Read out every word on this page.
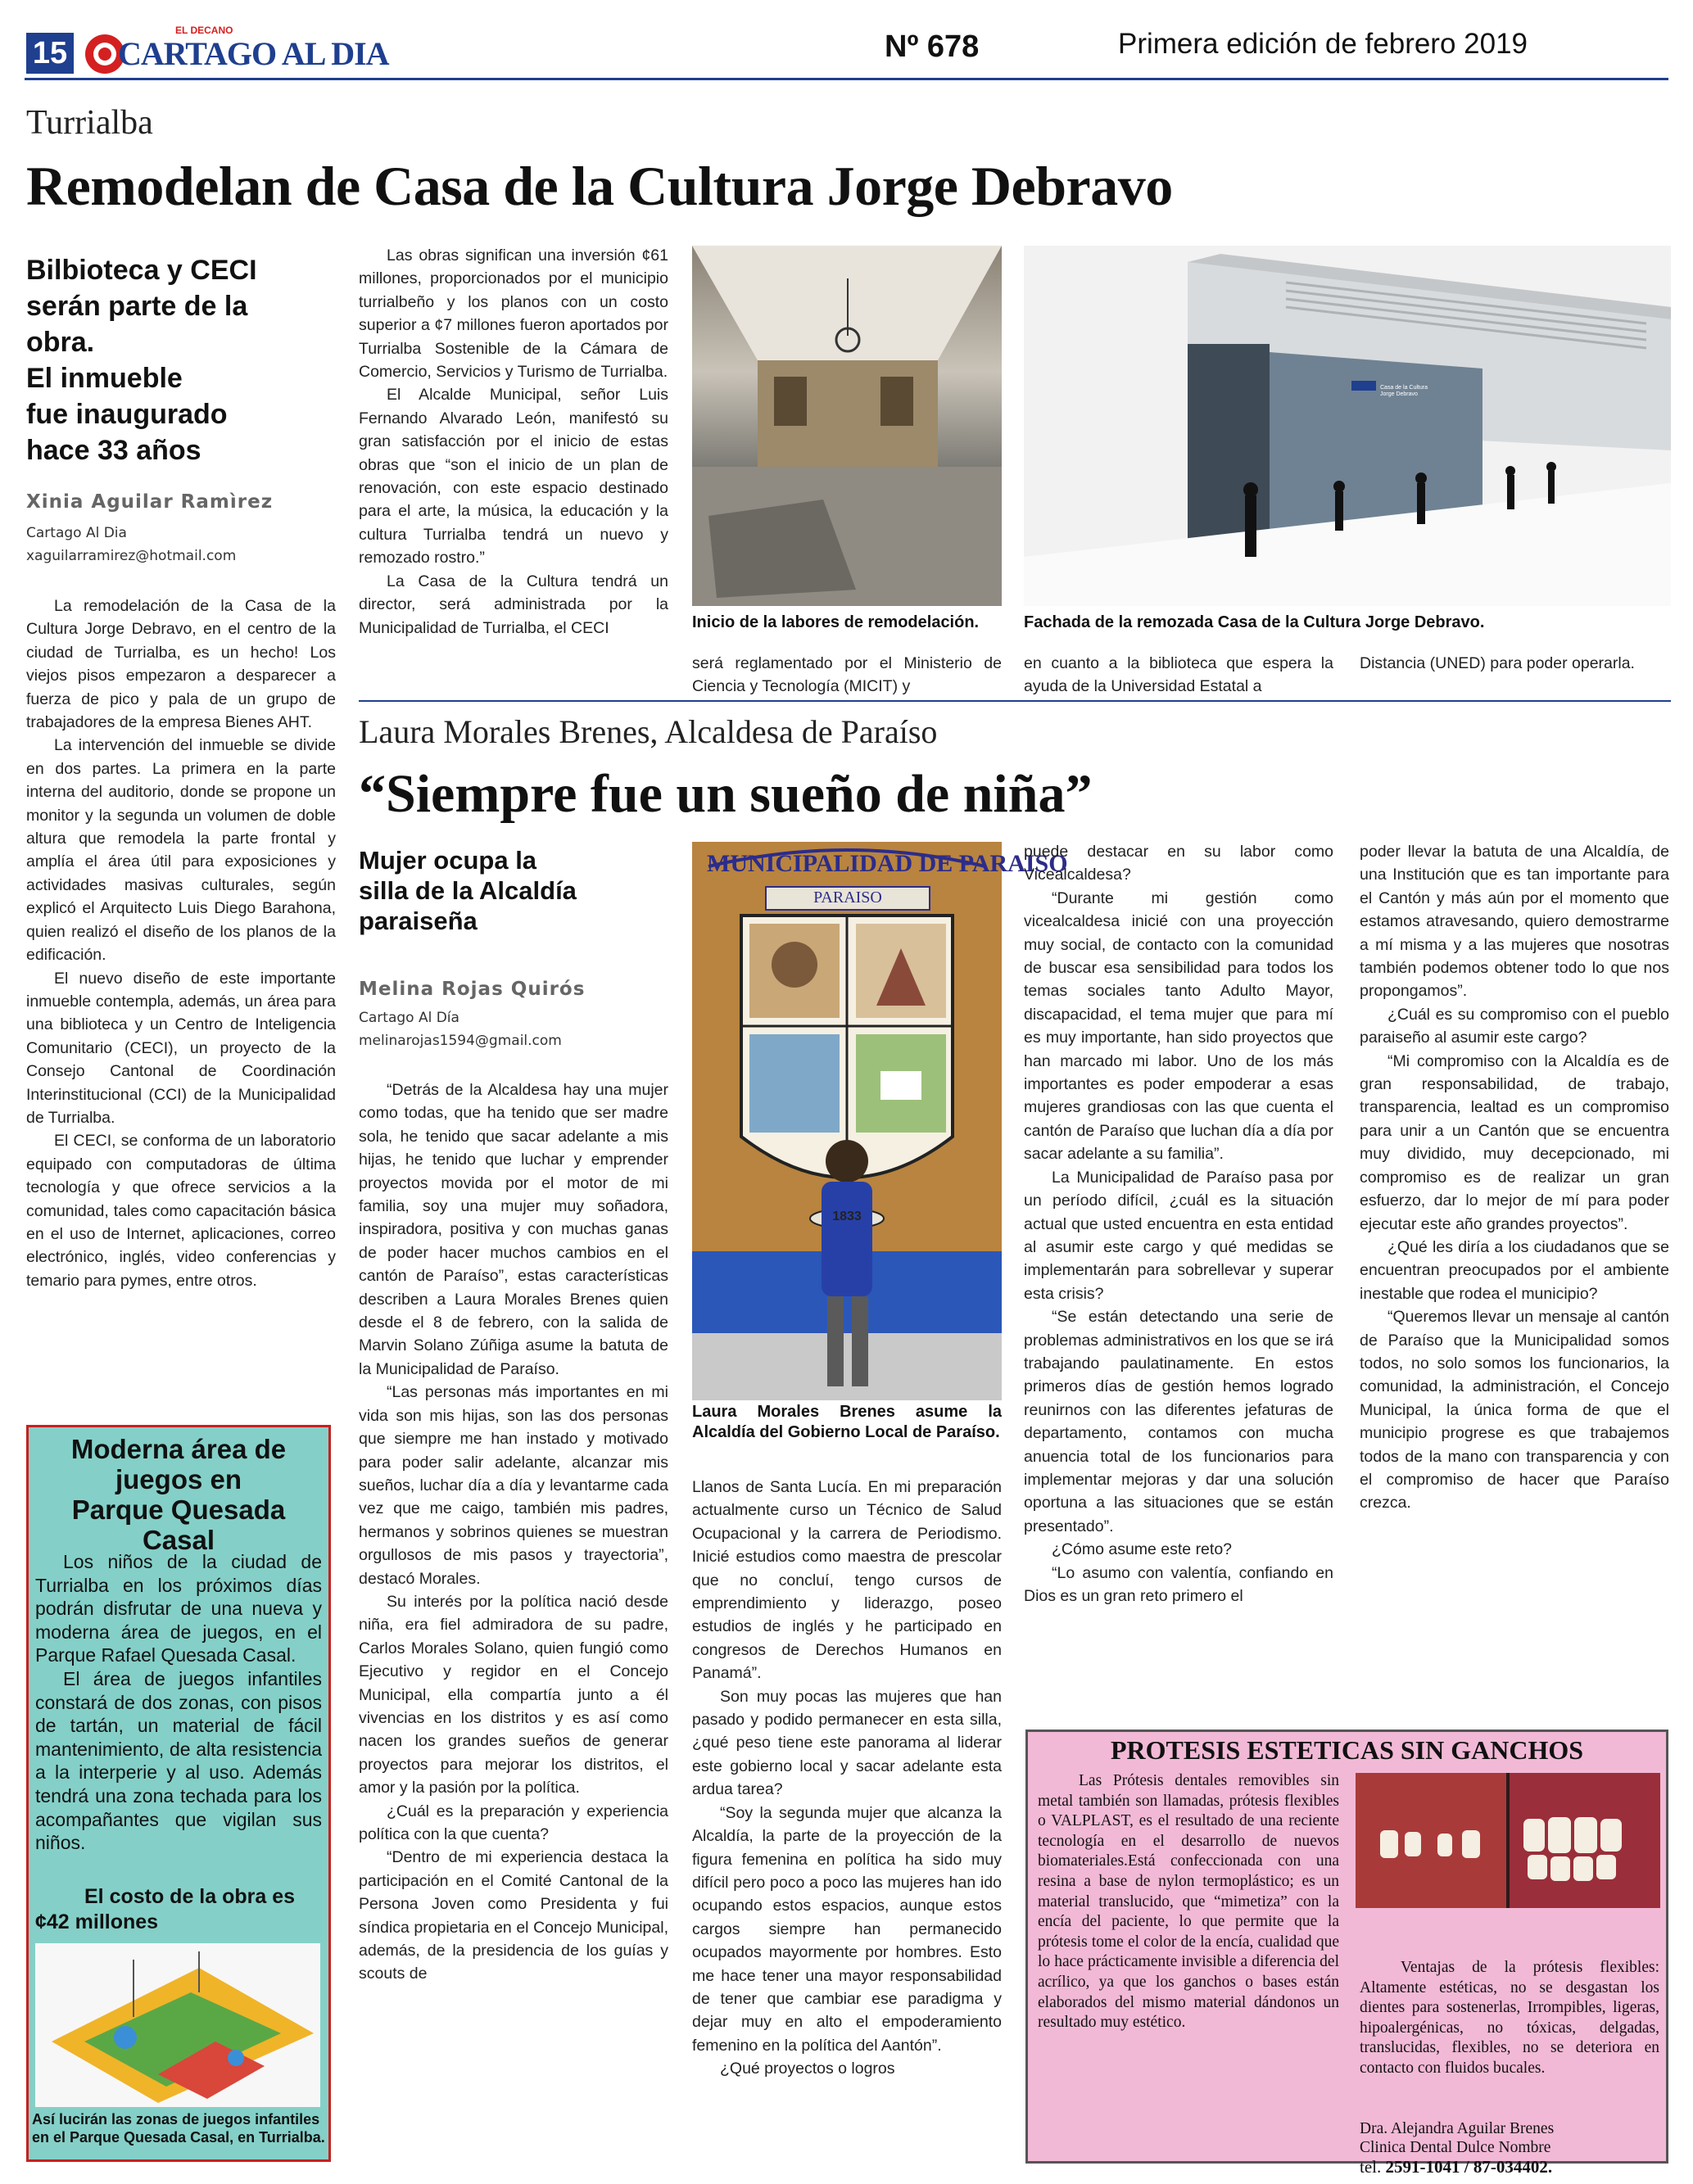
15
EL DECANO
CARTAGO AL DIA	Nº 678	Primera edición de febrero 2019
Turrialba
Remodelan de Casa de la Cultura Jorge Debravo
Bilbioteca y CECI
serán parte de la
obra.
El inmueble
fue inaugurado
hace 33 años
Xinia Aguilar Ramìrez
Cartago Al Dia
xaguilarramirez@hotmail.com

La remodelación de la Casa de la Cultura Jorge Debravo, en el centro de la ciudad de Turrialba, es un hecho! Los viejos pisos empezaron a desparecer a fuerza de pico y pala de un grupo de trabajadores de la empresa Bienes AHT.

La intervención del inmueble se divide en dos partes. La primera en la parte interna del auditorio, donde se propone un monitor y la segunda un volumen de doble altura que remodela la parte frontal y amplía el área útil para exposiciones y actividades masivas culturales, según explicó el Arquitecto Luis Diego Barahona, quien realizó el diseño de los planos de la edificación.

El nuevo diseño de este importante inmueble contempla, además, un área para una biblioteca y un Centro de Inteligencia Comunitario (CECI), un proyecto de la Consejo Cantonal de Coordinación Interinstitucional (CCI) de la Municipalidad de Turrialba.

El CECI, se conforma de un laboratorio equipado con computadoras de última tecnología y que ofrece servicios a la comunidad, tales como capacitación básica en el uso de Internet, aplicaciones, correo electrónico, inglés, video conferencias y temario para pymes, entre otros.

Las obras significan una inversión ¢61 millones, proporcionados por el municipio turrialbeño y los planos con un costo superior a ¢7 millones fueron aportados por Turrialba Sostenible de la Cámara de Comercio, Servicios y Turismo de Turrialba.

El Alcalde Municipal, señor Luis Fernando Alvarado León, manifestó su gran satisfacción por el inicio de estas obras que “son el inicio de un plan de renovación, con este espacio destinado para el arte, la música, la educación y la cultura Turrialba tendrá un nuevo y remozado rostro.”

La Casa de la Cultura tendrá un director, será administrada por la Municipalidad de Turrialba, el CECI	Inicio de la labores de remodelación.
Casa de la Cultura Jorge Debravo
Fachada de la remozada Casa de la Cultura Jorge Debravo.

será reglamentado por el Ministerio de Ciencia y Tecnología (MICIT) y

en cuanto a la biblioteca que espera la ayuda de la Universidad Estatal a

Distancia (UNED) para poder operarla.

Moderna área de
juegos en
Parque Quesada
Casal

Los niños de la ciudad de Turrialba en los próximos días podrán disfrutar de una nueva y moderna área de juegos, en el Parque Rafael Quesada Casal.

El área de juegos infantiles constará de dos zonas, con pisos de tartán, un material de fácil mantenimiento, de alta resistencia a la interperie y al uso. Además tendrá una zona techada para los acompañantes que vigilan sus niños.

El costo de la obra es ¢42 millones
Así lucirán las zonas de juegos infantiles en el Parque Quesada Casal, en Turrialba.
Laura Morales Brenes, Alcaldesa de Paraíso
“Siempre fue un sueño de niña”
Mujer ocupa la
silla de la Alcaldía
paraiseña
Melina Rojas Quirós
Cartago Al Día
melinarojas1594@gmail.com

“Detrás de la Alcaldesa hay una mujer como todas, que ha tenido que ser madre sola, he tenido que sacar adelante a mis hijas, he tenido que luchar y emprender proyectos movida por el motor de mi familia, soy una mujer muy soñadora, inspiradora, positiva y con muchas ganas de poder hacer muchos cambios en el cantón de Paraíso”, estas características describen a Laura Morales Brenes quien desde el 8 de febrero, con la salida de Marvin Solano Zúñiga asume la batuta de la Municipalidad de Paraíso.

“Las personas más importantes en mi vida son mis hijas, son las dos personas que siempre me han instado y motivado para poder salir adelante, alcanzar mis sueños, luchar día a día y levantarme cada vez que me caigo, también mis padres, hermanos y sobrinos quienes se muestran orgullosos de mis pasos y trayectoria”, destacó Morales.

Su interés por la política nació desde niña, era fiel admiradora de su padre, Carlos Morales Solano, quien fungió como Ejecutivo y regidor en el Concejo Municipal, ella compartía junto a él vivencias en los distritos y es así como nacen los grandes sueños de generar proyectos para mejorar los distritos, el amor y la pasión por la política.

¿Cuál es la preparación y experiencia política con la que cuenta?

“Dentro de mi experiencia destaca la participación en el Comité Cantonal de la Persona Joven como Presidenta y fui síndica propietaria en el Concejo Municipal, además, de la presidencia de los guías y scouts de

MUNICIPALIDAD DE PARAISO
PARAISO
1833
Laura Morales Brenes asume la Alcaldía del Gobierno Local de Paraíso.

Llanos de Santa Lucía. En mi preparación actualmente curso un Técnico de Salud Ocupacional y la carrera de Periodismo. Inicié estudios como maestra de prescolar que no concluí, tengo cursos de emprendimiento y liderazgo, poseo estudios de inglés y he participado en congresos de Derechos Humanos en Panamá”.

Son muy pocas las mujeres que han pasado y podido permanecer en esta silla, ¿qué peso tiene este panorama al liderar este gobierno local y sacar adelante esta ardua tarea?

“Soy la segunda mujer que alcanza la Alcaldía, la parte de la proyección de la figura femenina en política ha sido muy difícil pero poco a poco las mujeres han ido ocupando estos espacios, aunque estos cargos siempre han permanecido ocupados mayormente por hombres. Esto me hace tener una mayor responsabilidad de tener que cambiar ese paradigma y dejar muy en alto el empoderamiento femenino en la política del Aantón”.

¿Qué proyectos o logros

puede destacar en su labor como Vicealcaldesa?

“Durante mi gestión como vicealcaldesa inicié con una proyección muy social, de contacto con la comunidad de buscar esa sensibilidad para todos los temas sociales tanto Adulto Mayor, discapacidad, el tema mujer que para mí es muy importante, han sido proyectos que han marcado mi labor. Uno de los más importantes es poder empoderar a esas mujeres grandiosas con las que cuenta el cantón de Paraíso que luchan día a día por sacar adelante a su familia”.

La Municipalidad de Paraíso pasa por un período difícil, ¿cuál es la situación actual que usted encuentra en esta entidad al asumir este cargo y qué medidas se implementarán para sobrellevar y superar esta crisis?

“Se están detectando una serie de problemas administrativos en los que se irá trabajando paulatinamente. En estos primeros días de gestión hemos logrado reunirnos con las diferentes jefaturas de departamento, contamos con mucha anuencia total de los funcionarios para implementar mejoras y dar una solución oportuna a las situaciones que se están presentado”.

¿Cómo asume este reto?

“Lo asumo con valentía, confiando en Dios es un gran reto primero el

poder llevar la batuta de una Alcaldía, de una Institución que es tan importante para el Cantón y más aún por el momento que estamos atravesando, quiero demostrarme a mí misma y a las mujeres que nosotras también podemos obtener todo lo que nos propongamos”.

¿Cuál es su compromiso con el pueblo paraiseño al asumir este cargo?

“Mi compromiso con la Alcaldía es de gran responsabilidad, de trabajo, transparencia, lealtad es un compromiso para unir a un Cantón que se encuentra muy dividido, muy decepcionado, mi compromiso es de realizar un gran esfuerzo, dar lo mejor de mí para poder ejecutar este año grandes proyectos”.

¿Qué les diría a los ciudadanos que se encuentran preocupados por el ambiente inestable que rodea el municipio?

“Queremos llevar un mensaje al cantón de Paraíso que la Municipalidad somos todos, no solo somos los funcionarios, la comunidad, la administración, el Concejo Municipal, la única forma de que el municipio progrese es que trabajemos todos de la mano con transparencia y con el compromiso de hacer que Paraíso crezca.

PROTESIS ESTETICAS SIN GANCHOS
Las Prótesis dentales removibles sin metal también son llamadas, prótesis flexibles o VALPLAST, es el resultado de una reciente tecnología en el desarrollo de nuevos biomateriales.Está confeccionada con una resina a base de nylon termoplástico; es un material translucido, que “mimetiza” con la encía del paciente, lo que permite que la prótesis tome el color de la encía, cualidad que lo hace prácticamente invisible a diferencia del acrílico, ya que los ganchos o bases están elaborados del mismo material dándonos un resultado muy estético.
Ventajas de la prótesis flexibles: Altamente estéticas, no se desgastan los dientes para sostenerlas, Irrompibles, ligeras, hipoalergénicas, no tóxicas, delgadas, translucidas, flexibles, no se deteriora en contacto con fluidos bucales.
Dra. Alejandra Aguilar Brenes
Clinica Dental Dulce Nombre
tel. 2591-1041 / 87-034402.
